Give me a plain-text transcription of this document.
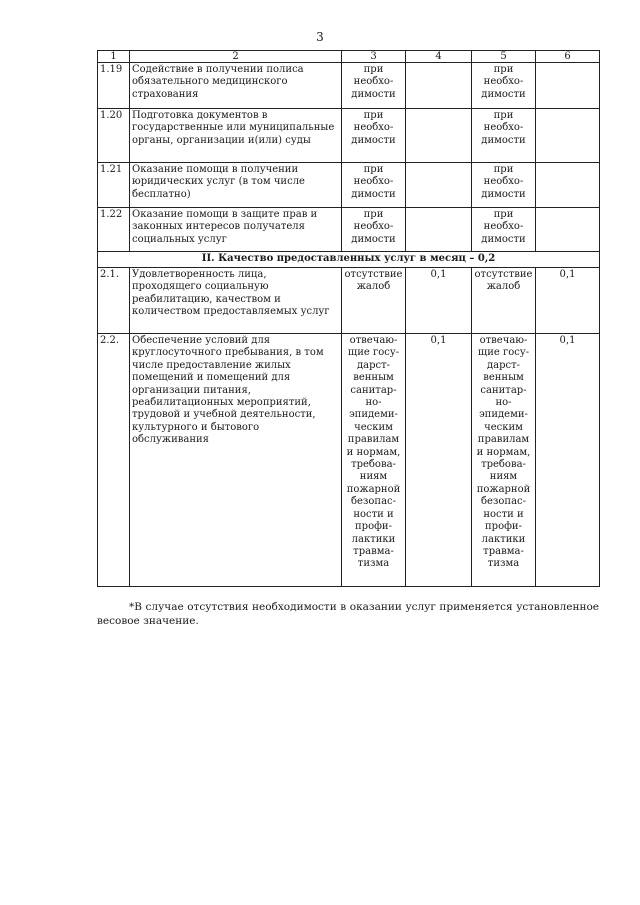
3
1	2	3	4	5	6
1.19	Содействие в получении полиса обязательного медицинского страхования	при необхо-димости		при необхо-димости	
1.20	Подготовка документов в государственные или муниципальные органы, организации и(или) суды	при необхо-димости		при необхо-димости	
1.21	Оказание помощи в получении юридических услуг (в том числе бесплатно)	при необхо-димости		при необхо-димости	
1.22	Оказание помощи в защите прав и законных интересов получателя социальных услуг	при необхо-димости		при необхо-димости	
II. Качество предоставленных услуг в месяц – 0,2					
2.1.	Удовлетворенность лица, проходящего социальную реабилитацию, качеством и количеством предоставляемых услуг	отсутствие жалоб	0,1	отсутствие жалоб	0,1
2.2.	Обеспечение условий для круглосуточного пребывания, в том числе предоставление жилых помещений и помещений для организации питания, реабилитационных мероприятий, трудовой и учебной деятельности, культурного и бытового обслуживания	отвечаю-щие госу-дарст-венным санитар-но-эпидеми-ческим правилам и нормам, требова-ниям пожарной безопас-ности и профи-лактики травма-тизма	0,1	отвечаю-щие госу-дарст-венным санитар-но-эпидеми-ческим правилам и нормам, требова-ниям пожарной безопас-ности и профи-лактики травма-тизма	0,1
*В случае отсутствия необходимости в оказании услуг применяется установленное весовое значение.
